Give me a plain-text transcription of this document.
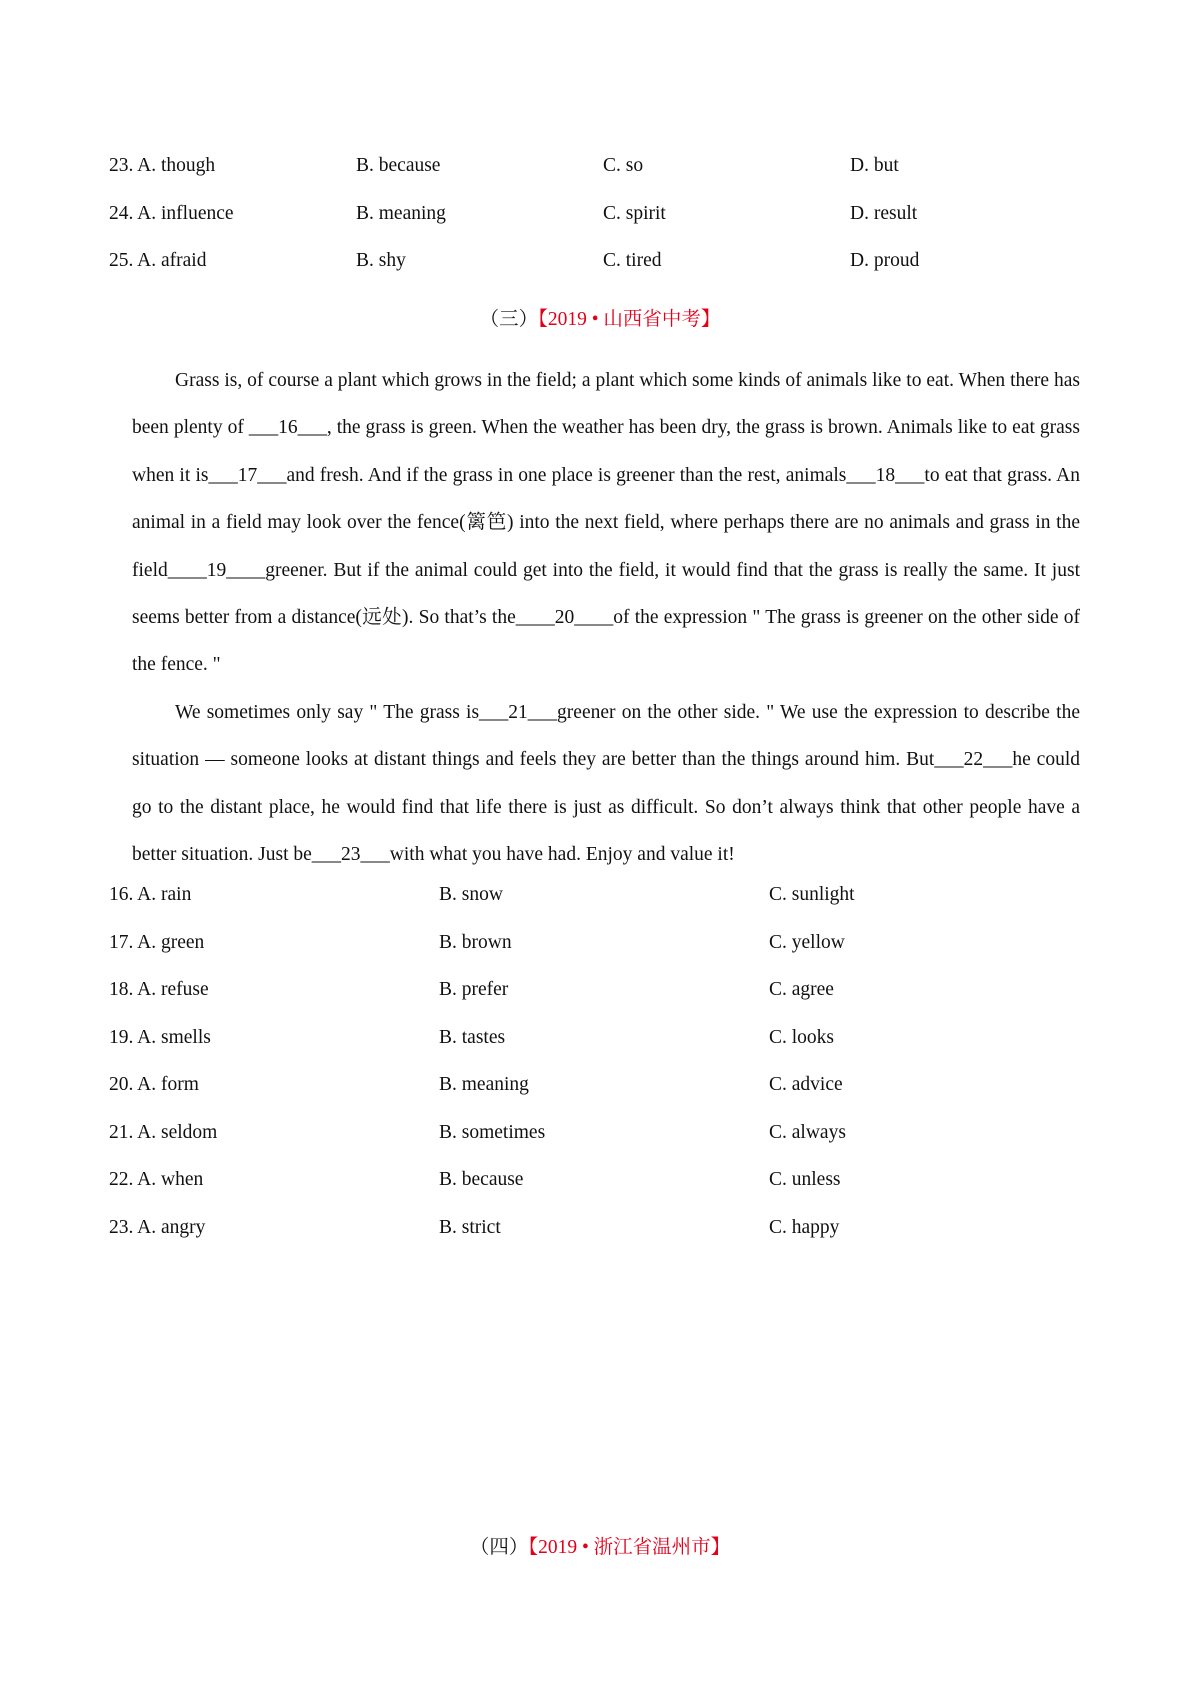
23. A. though	B. because	C. so	D. but
24. A. influence	B. meaning	C. spirit	D. result
25. A. afraid	B. shy	C. tired	D. proud
（三）【2019 • 山西省中考】

Grass is, of course a plant which grows in the field; a plant which some kinds of animals like to eat. When there has been plenty of ___16___, the grass is green. When the weather has been dry, the grass is brown. Animals like to eat grass when it is___17___and fresh. And if the grass in one place is greener than the rest, animals___18___to eat that grass. An animal in a field may look over the fence(篱笆) into the next field, where perhaps there are no animals and grass in the field____19____greener. But if the animal could get into the field, it would find that the grass is really the same. It just seems better from a distance(远处). So that’s the____20____of the expression " The grass is greener on the other side of the fence. "

We sometimes only say " The grass is___21___greener on the other side. " We use the expression to describe the situation — someone looks at distant things and feels they are better than the things around him. But___22___he could go to the distant place, he would find that life there is just as difficult. So don’t always think that other people have a better situation. Just be___23___with what you have had. Enjoy and value it!

16. A. rain	B. snow	C. sunlight
17. A. green	B. brown	C. yellow
18. A. refuse	B. prefer	C. agree
19. A. smells	B. tastes	C. looks
20. A. form	B. meaning	C. advice
21. A. seldom	B. sometimes	C. always
22. A. when	B. because	C. unless
23. A. angry	B. strict	C. happy
（四）【2019 • 浙江省温州市】
